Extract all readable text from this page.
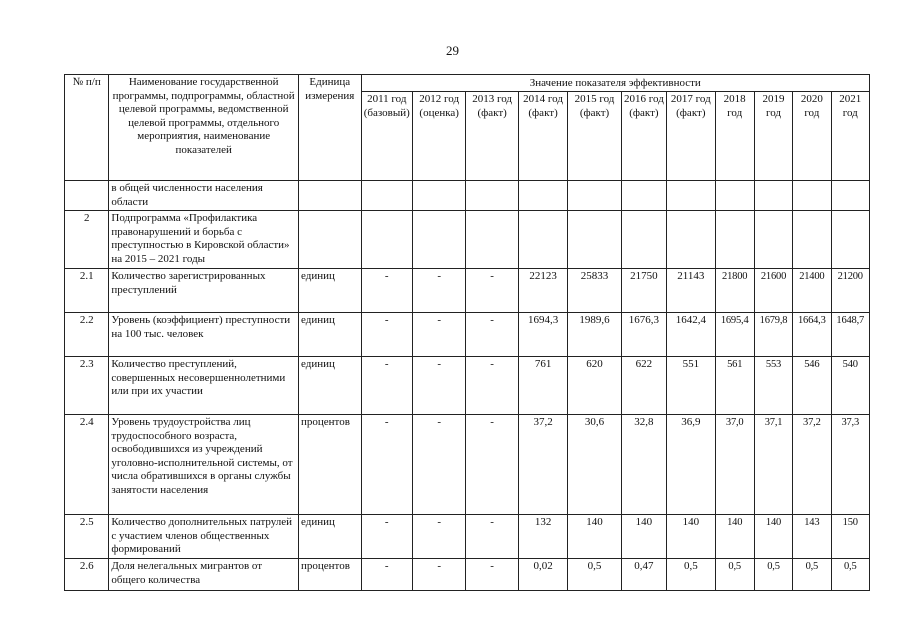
29
№ п/п	Наименование государственной программы, подпрограммы, областной целевой программы, ведомственной целевой программы, отдельного мероприятия, наименование показателей	Единица измерения	Значение показателя эффективности										
			2011 год (базовый)	2012 год (оценка)	2013 год (факт)	2014 год (факт)	2015 год (факт)	2016 год (факт)	2017 год (факт)	2018 год	2019 год	2020 год	2021 год
	в общей численности населения области												
2	Подпрограмма «Профилактика правонарушений и борьба с преступностью в Кировской области» на 2015 – 2021 годы												
2.1	Количество зарегистрированных преступлений	единиц	-	-	-	22123	25833	21750	21143	21800	21600	21400	21200
2.2	Уровень (коэффициент) преступности на 100 тыс. человек	единиц	-	-	-	1694,3	1989,6	1676,3	1642,4	1695,4	1679,8	1664,3	1648,7
2.3	Количество преступлений, совершенных несовершеннолетними или при их участии	единиц	-	-	-	761	620	622	551	561	553	546	540
2.4	Уровень трудоустройства лиц трудоспособного возраста, освободившихся из учреждений уголовно-исполнительной системы, от числа обратившихся в органы службы занятости населения	процентов	-	-	-	37,2	30,6	32,8	36,9	37,0	37,1	37,2	37,3
2.5	Количество дополнительных патрулей с участием членов общественных формирований	единиц	-	-	-	132	140	140	140	140	140	143	150
2.6	Доля нелегальных мигрантов от общего количества	процентов	-	-	-	0,02	0,5	0,47	0,5	0,5	0,5	0,5	0,5
